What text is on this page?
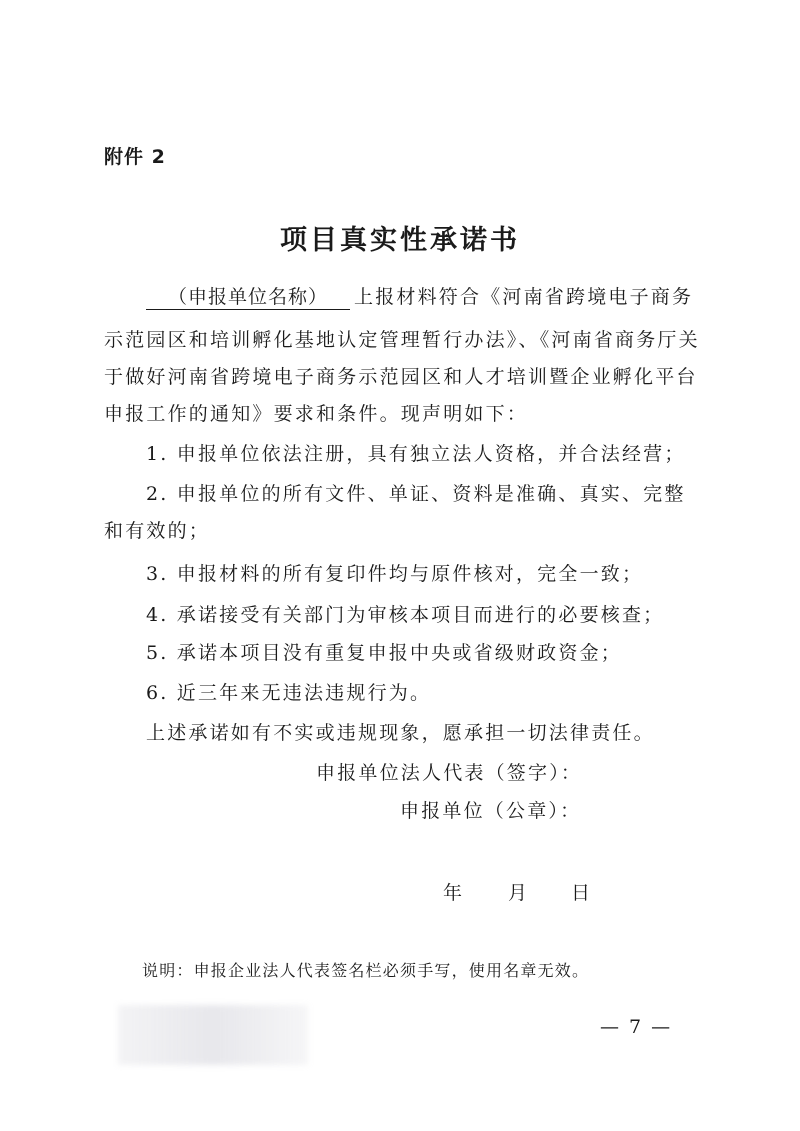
附件 2
项目真实性承诺书
（申报单位名称） 上报材料符合《河南省跨境电子商务
示范园区和培训孵化基地认定管理暂行办法》、《河南省商务厅关
于做好河南省跨境电子商务示范园区和人才培训暨企业孵化平台
申报工作的通知》要求和条件。现声明如下：
1. 申报单位依法注册，具有独立法人资格，并合法经营；
2. 申报单位的所有文件、单证、资料是准确、真实、完整
和有效的；
3. 申报材料的所有复印件均与原件核对，完全一致；
4. 承诺接受有关部门为审核本项目而进行的必要核查；
5. 承诺本项目没有重复申报中央或省级财政资金；
6. 近三年来无违法违规行为。
上述承诺如有不实或违规现象，愿承担一切法律责任。
申报单位法人代表（签字）：
申报单位（公章）：
年 月 日
说明：申报企业法人代表签名栏必须手写，使用名章无效。
— 7 —
